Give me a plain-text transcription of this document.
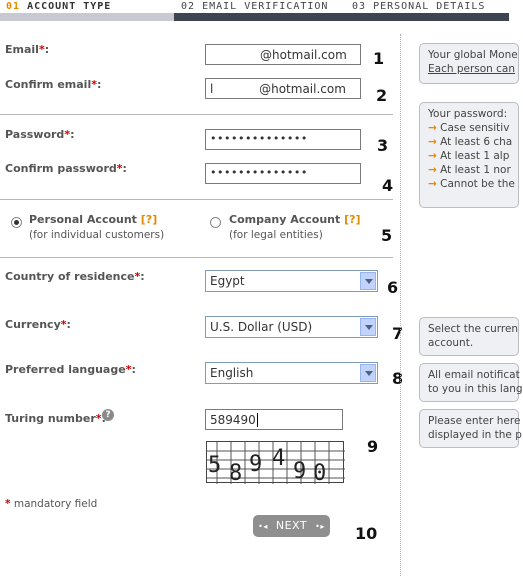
01 ACCOUNT TYPE	02 EMAIL VERIFICATION 03 PERSONAL DETAILS
Email*:	@hotmail.com	1
Confirm email*:	l            @hotmail.com	2
Password*:	••••••••••••••	3
Confirm password*:	••••••••••••••
4
Personal Account [?]
(for individual customers)
Company Account [?]
(for legal entities)	5
Country of residence*:	Egypt	6
Currency*:	U.S. Dollar (USD)	7
Preferred language*:	English	8
Turing number* ?	589490
5 8 9 4
9 0
9
* mandatory field
•◂ NEXT •▸	10
Your global Mone
Each person can
Your password:
→ Case sensitiv
→ At least 6 cha
→ At least 1 alp
→ At least 1 nor
→ Cannot be the
Select the curren
account.
All email notificat
to you in this lang
Please enter here
displayed in the p
